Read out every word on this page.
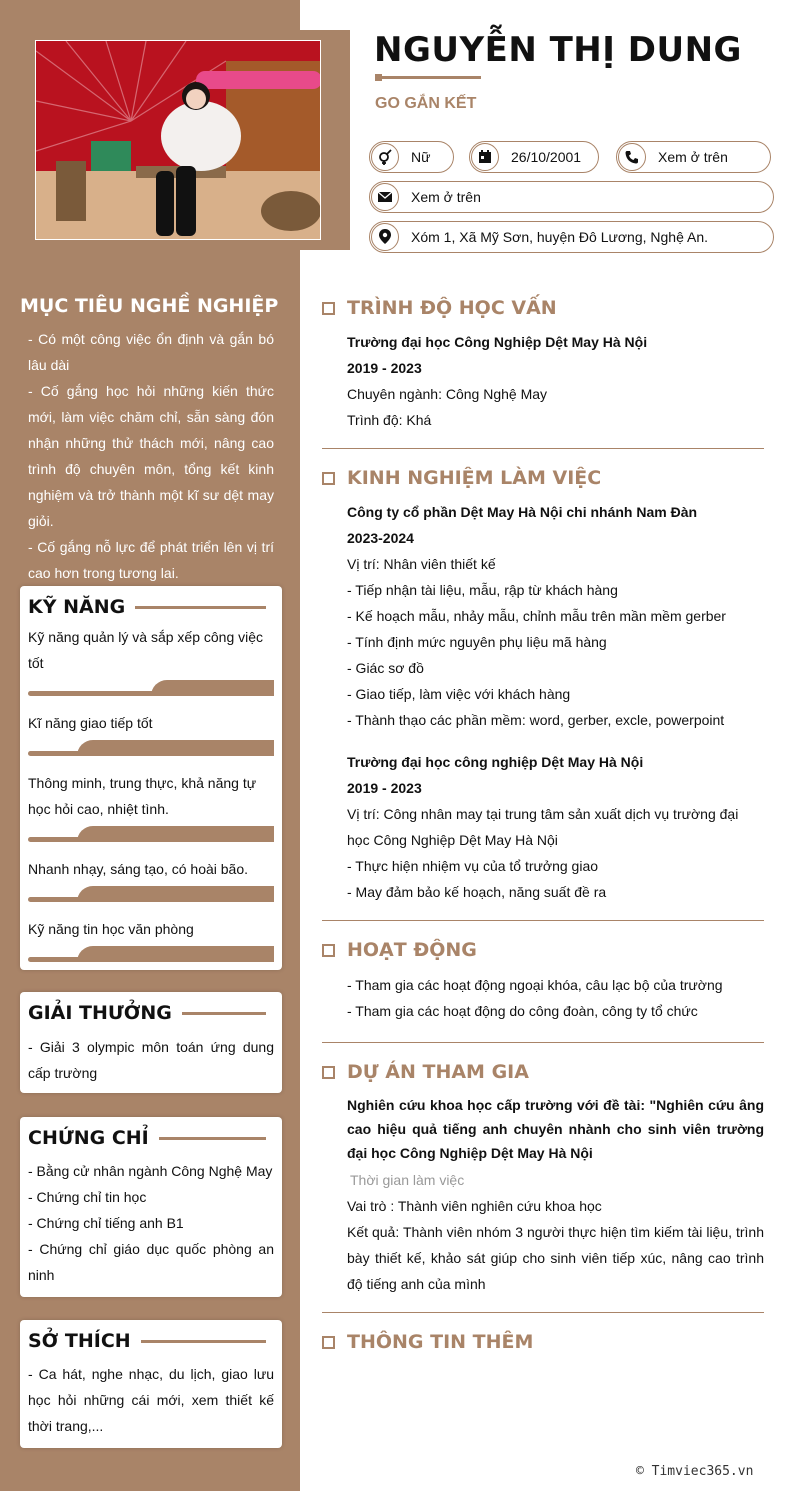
MỤC TIÊU NGHỀ NGHIỆP
- Có một công việc ổn định và gắn bó lâu dài
- Cố gắng học hỏi những kiến thức mới, làm việc chăm chỉ, sẵn sàng đón nhận những thử thách mới, nâng cao trình độ chuyên môn, tổng kết kinh nghiệm và trở thành một kĩ sư dệt may giỏi.
- Cố gắng nỗ lực để phát triển lên vị trí cao hơn trong tương lai.
KỸ NĂNG
Kỹ năng quản lý và sắp xếp công việc tốt
Kĩ năng giao tiếp tốt
Thông minh, trung thực, khả năng tự học hỏi cao, nhiệt tình.
Nhanh nhạy, sáng tạo, có hoài bão.
Kỹ năng tin học văn phòng
GIẢI THƯỞNG
- Giải 3 olympic môn toán ứng dung cấp trường
CHỨNG CHỈ
- Bằng cử nhân ngành Công Nghệ May
- Chứng chỉ tin học
- Chứng chỉ tiếng anh B1
- Chứng chỉ giáo dục quốc phòng an ninh
SỞ THÍCH
- Ca hát, nghe nhạc, du lịch, giao lưu học hỏi những cái mới, xem thiết kế thời trang,...
NGUYỄN THỊ DUNG
GO GẮN KẾT
Nữ	26/10/2001	Xem ở trên
Xem ở trên
Xóm 1, Xã Mỹ Sơn, huyện Đô Lương, Nghệ An.
TRÌNH ĐỘ HỌC VẤN
Trường đại học Công Nghiệp Dệt May Hà Nội
2019 - 2023
Chuyên ngành: Công Nghệ May
Trình độ: Khá
KINH NGHIỆM LÀM VIỆC
Công ty cổ phần Dệt May Hà Nội chi nhánh Nam Đàn
2023-2024
Vị trí: Nhân viên thiết kế
- Tiếp nhận tài liệu, mẫu, rập từ khách hàng
- Kế hoạch mẫu, nhảy mẫu, chỉnh mẫu trên mần mềm gerber
- Tính định mức nguyên phụ liệu mã hàng
- Giác sơ đồ
- Giao tiếp, làm việc với khách hàng
- Thành thạo các phần mềm: word, gerber, excle, powerpoint
Trường đại học công nghiệp Dệt May Hà Nội
2019 - 2023
Vị trí: Công nhân may tại trung tâm sản xuất dịch vụ trường đại học Công Nghiệp Dệt May Hà Nội
- Thực hiện nhiệm vụ của tổ trưởng giao
- May đảm bảo kế hoạch, năng suất đề ra
HOẠT ĐỘNG
- Tham gia các hoạt động ngoại khóa, câu lạc bộ của trường
- Tham gia các hoạt động do công đoàn, công ty tổ chức
DỰ ÁN THAM GIA
Nghiên cứu khoa học cấp trường với đề tài: "Nghiên cứu âng cao hiệu quả tiếng anh chuyên nhành cho sinh viên trường đại học Công Nghiệp Dệt May Hà Nội
Thời gian làm việc
Vai trò : Thành viên nghiên cứu khoa học
Kết quả: Thành viên nhóm 3 người thực hiện tìm kiếm tài liệu, trình bày thiết kế, khảo sát giúp cho sinh viên tiếp xúc, nâng cao trình độ tiếng anh của mình
THÔNG TIN THÊM
© Timviec365.vn
